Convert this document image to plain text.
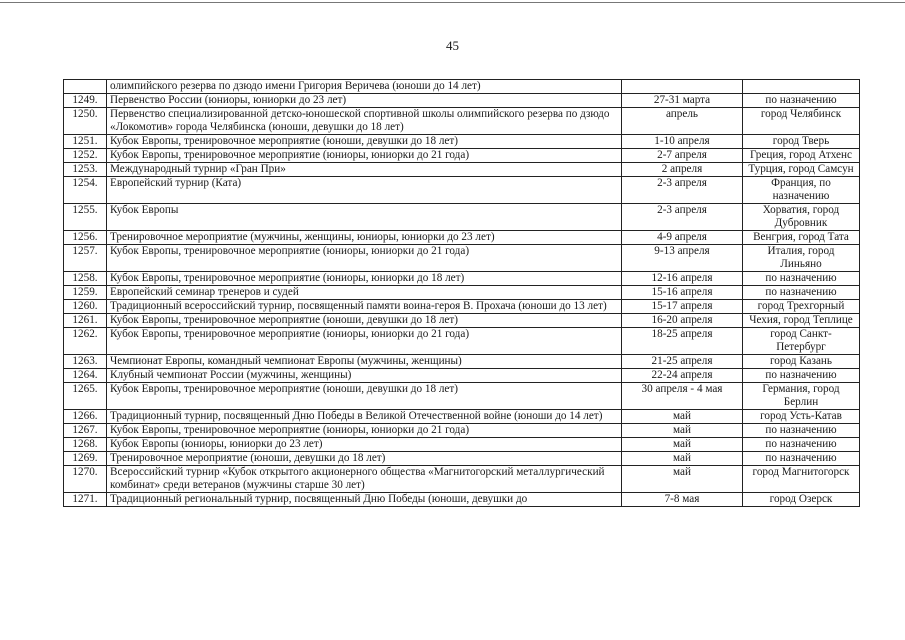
45
	олимпийского резерва по дзюдо имени Григория Веричева (юноши до 14 лет)		
1249.	Первенство России (юниоры, юниорки до 23 лет)	27-31 марта	по назначению
1250.	Первенство специализированной детско-юношеской спортивной школы олимпийского резерва по дзюдо «Локомотив» города Челябинска (юноши, девушки до 18 лет)	апрель	город Челябинск
1251.	Кубок Европы, тренировочное мероприятие (юноши, девушки до 18 лет)	1-10 апреля	город Тверь
1252.	Кубок Европы, тренировочное мероприятие (юниоры, юниорки до 21 года)	2-7 апреля	Греция, город Атхенс
1253.	Международный турнир «Гран При»	2 апреля	Турция, город Самсун
1254.	Европейский турнир (Ката)	2-3 апреля	Франция, по назначению
1255.	Кубок Европы	2-3 апреля	Хорватия, город Дубровник
1256.	Тренировочное мероприятие (мужчины, женщины, юниоры, юниорки до 23 лет)	4-9 апреля	Венгрия, город Тата
1257.	Кубок Европы, тренировочное мероприятие (юниоры, юниорки до 21 года)	9-13 апреля	Италия, город Линьяно
1258.	Кубок Европы, тренировочное мероприятие (юниоры, юниорки до 18 лет)	12-16 апреля	по назначению
1259.	Европейский семинар тренеров и судей	15-16 апреля	по назначению
1260.	Традиционный всероссийский турнир, посвященный памяти воина-героя В. Прохача (юноши до 13 лет)	15-17 апреля	город Трехгорный
1261.	Кубок Европы, тренировочное мероприятие (юноши, девушки до 18 лет)	16-20 апреля	Чехия, город Теплице
1262.	Кубок Европы, тренировочное мероприятие (юниоры, юниорки до 21 года)	18-25 апреля	город Санкт-Петербург
1263.	Чемпионат Европы, командный чемпионат Европы (мужчины, женщины)	21-25 апреля	город Казань
1264.	Клубный чемпионат России (мужчины, женщины)	22-24 апреля	по назначению
1265.	Кубок Европы, тренировочное мероприятие (юноши, девушки до 18 лет)	30 апреля - 4 мая	Германия, город Берлин
1266.	Традиционный турнир, посвященный Дню Победы в Великой Отечественной войне (юноши до 14 лет)	май	город Усть-Катав
1267.	Кубок Европы, тренировочное мероприятие (юниоры, юниорки до 21 года)	май	по назначению
1268.	Кубок Европы (юниоры, юниорки до 23 лет)	май	по назначению
1269.	Тренировочное мероприятие (юноши, девушки до 18 лет)	май	по назначению
1270.	Всероссийский турнир «Кубок открытого акционерного общества «Магнитогорский металлургический комбинат» среди ветеранов (мужчины старше 30 лет)	май	город Магнитогорск
1271.	Традиционный региональный турнир, посвященный Дню Победы (юноши, девушки до	7-8 мая	город Озерск
